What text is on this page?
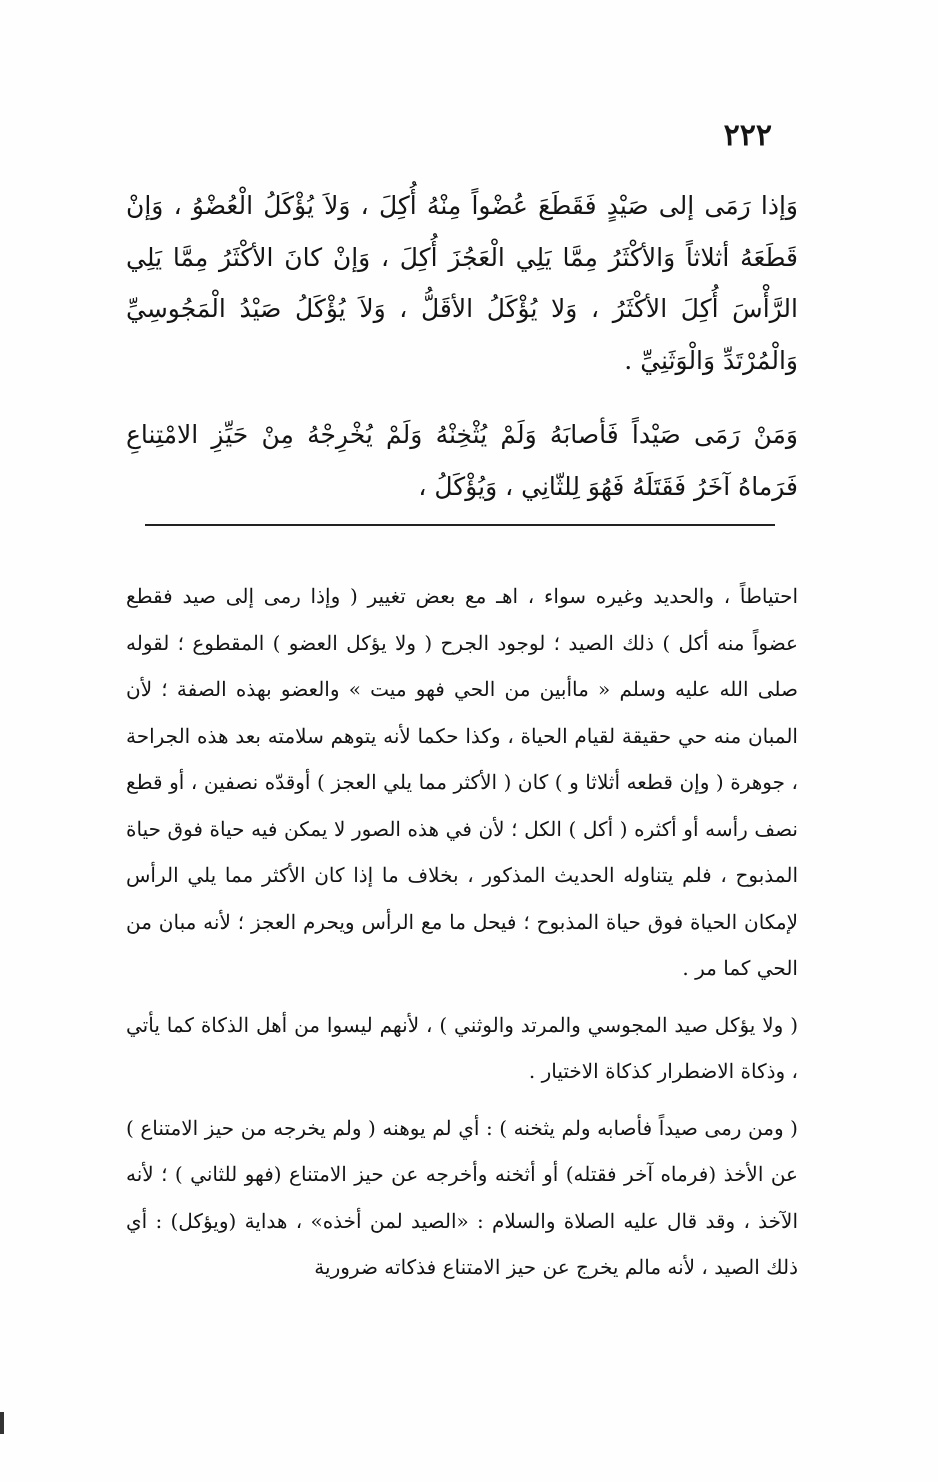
٢٢٢

وَإذا رَمَى إلى صَيْدٍ فَقَطَعَ عُضْواً مِنْهُ أُكِلَ ، وَلاَ يُؤْكَلُ الْعُضْوُ ، وَإنْ قَطَعَهُ أثلاثاً وَالأكْثَرُ مِمَّا يَلِي الْعَجُزَ أُكِلَ ، وَإنْ كانَ الأكْثَرُ مِمَّا يَلِي الرَّأْسَ أُكِلَ الأكْثَرُ ، وَلا يُؤْكَلُ الأقَلُّ ، وَلاَ يُؤْكَلُ صَيْدُ الْمَجُوسِيِّ وَالْمُرْتَدِّ وَالْوَثَنِيِّ .

وَمَنْ رَمَى صَيْداً فَأصابَهُ وَلَمْ يُثْخِنْهُ وَلَمْ يُخْرِجْهُ مِنْ حَيِّزِ الامْتِناعِ فَرَماهُ آخَرُ فَقَتَلَهُ فَهُوَ لِلثّانِي ، وَيُؤْكَلُ ،

احتياطاً ، والحديد وغيره سواء ، اهـ مع بعض تغيير ( وإذا رمى إلى صيد فقطع عضواً منه أكل ) ذلك الصيد ؛ لوجود الجرح ( ولا يؤكل العضو ) المقطوع ؛ لقوله صلى الله عليه وسلم « ماأبين من الحي فهو ميت » والعضو بهذه الصفة ؛ لأن المبان منه حي حقيقة لقيام الحياة ، وكذا حكما لأنه يتوهم سلامته بعد هذه الجراحة ، جوهرة ( وإن قطعه أثلاثا و ) كان ( الأكثر مما يلي العجز ) أوقدّه نصفين ، أو قطع نصف رأسه أو أكثره ( أكل ) الكل ؛ لأن في هذه الصور لا يمكن فيه حياة فوق حياة المذبوح ، فلم يتناوله الحديث المذكور ، بخلاف ما إذا كان الأكثر مما يلي الرأس لإمكان الحياة فوق حياة المذبوح ؛ فيحل ما مع الرأس ويحرم العجز ؛ لأنه مبان من الحي كما مر .

( ولا يؤكل صيد المجوسي والمرتد والوثني ) ، لأنهم ليسوا من أهل الذكاة كما يأتي ، وذكاة الاضطرار كذكاة الاختيار .

( ومن رمى صيداً فأصابه ولم يثخنه ) : أي لم يوهنه ( ولم يخرجه من حيز الامتناع ) عن الأخذ (فرماه آخر فقتله) أو أثخنه وأخرجه عن حيز الامتناع (فهو للثاني ) ؛ لأنه الآخذ ، وقد قال عليه الصلاة والسلام : «الصيد لمن أخذه» ، هداية (ويؤكل) : أي ذلك الصيد ، لأنه مالم يخرج عن حيز الامتناع فذكاته ضرورية
